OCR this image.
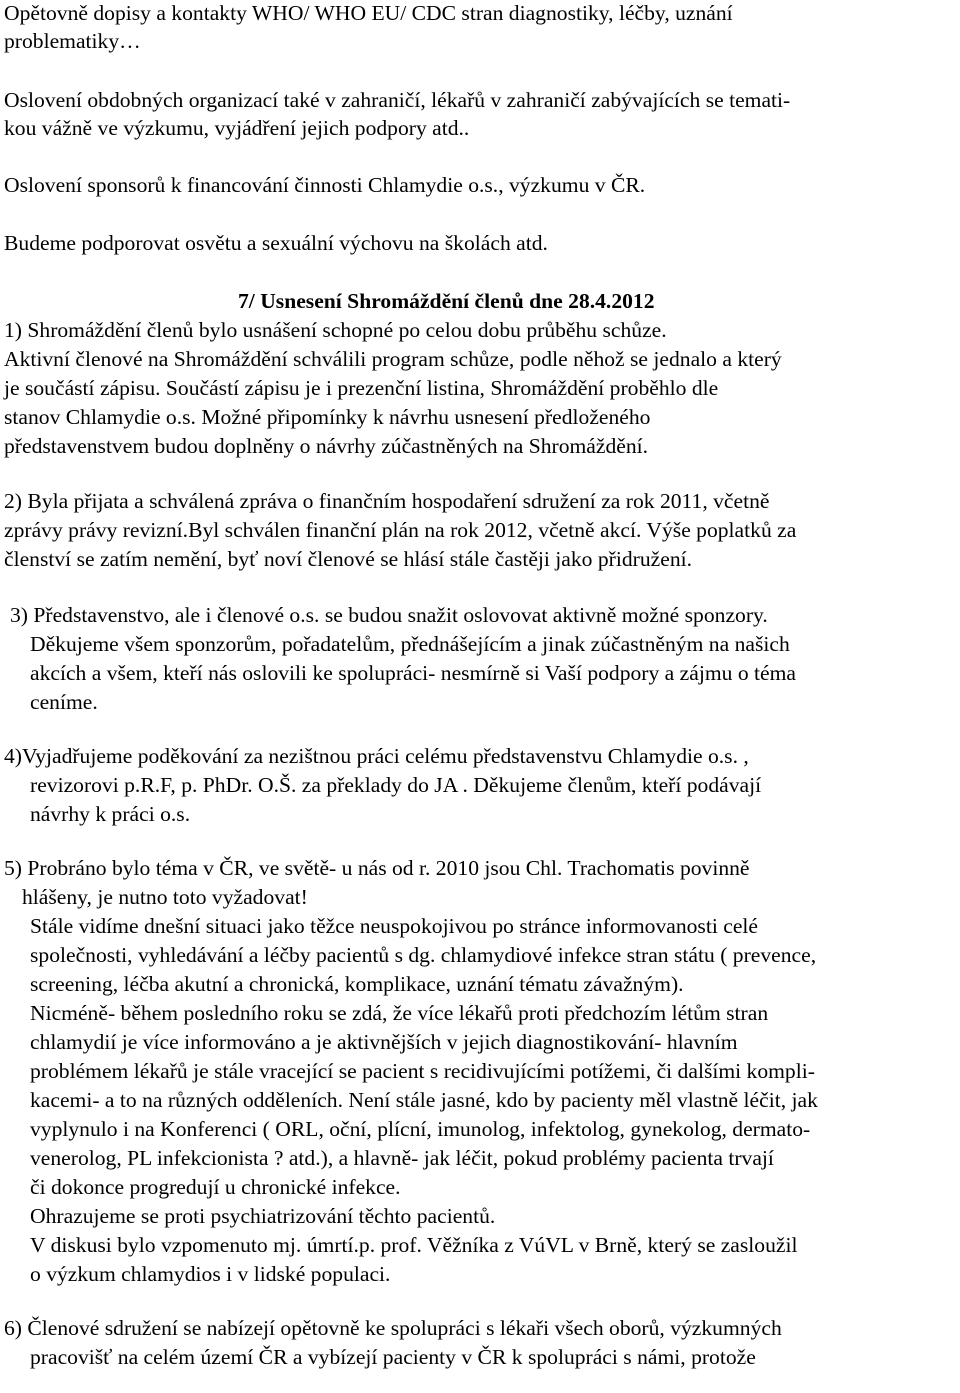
Opětovně dopisy a kontakty WHO/ WHO EU/ CDC stran diagnostiky, léčby, uznání
problematiky…
Oslovení obdobných organizací také v zahraničí, lékařů v zahraničí zabývajících se temati-
kou vážně ve výzkumu, vyjádření jejich podpory atd..
Oslovení sponsorů k financování činnosti Chlamydie o.s., výzkumu v ČR.
Budeme podporovat osvětu a sexuální výchovu na školách atd.
7/ Usnesení Shromáždění členů dne 28.4.2012
1) Shromáždění členů bylo usnášení schopné po celou dobu průběhu schůze.
Aktivní členové na Shromáždění schválili program schůze, podle něhož se jednalo a který
je součástí zápisu. Součástí zápisu je i prezenční listina, Shromáždění proběhlo dle
stanov Chlamydie o.s. Možné připomínky k návrhu usnesení předloženého
představenstvem budou doplněny o návrhy zúčastněných na Shromáždění.
2) Byla přijata a schválená zpráva o finančním hospodaření sdružení za rok 2011, včetně
zprávy právy revizní.Byl schválen finanční plán na rok 2012, včetně akcí. Výše poplatků za
členství se zatím nemění, byť noví členové se hlásí stále častěji jako přidružení.
3) Představenstvo, ale i členové o.s. se budou snažit oslovovat aktivně možné sponzory.
Děkujeme všem sponzorům, pořadatelům, přednášejícím a jinak zúčastněným na našich
akcích a všem, kteří nás oslovili ke spolupráci- nesmírně si Vaší podpory a zájmu o téma
ceníme.
4)Vyjadřujeme poděkování za nezištnou práci celému představenstvu Chlamydie o.s. ,
revizorovi p.R.F, p. PhDr. O.Š. za překlady do JA . Děkujeme členům, kteří podávají
návrhy k práci o.s.
5) Probráno bylo téma v ČR, ve světě- u nás od r. 2010 jsou Chl. Trachomatis povinně
hlášeny, je nutno toto vyžadovat!
Stále vidíme dnešní situaci jako těžce neuspokojivou po stránce informovanosti celé
společnosti, vyhledávání a léčby pacientů s dg. chlamydiové infekce stran státu ( prevence,
screening, léčba akutní a chronická, komplikace, uznání tématu závažným).
Nicméně- během posledního roku se zdá, že více lékařů proti předchozím létům stran
chlamydií je více informováno a je aktivnějších v jejich diagnostikování- hlavním
problémem lékařů je stále vracející se pacient s recidivujícími potížemi, či dalšími kompli-
kacemi- a to na různých odděleních. Není stále jasné, kdo by pacienty měl vlastně léčit, jak
vyplynulo i na Konferenci ( ORL, oční, plícní, imunolog, infektolog, gynekolog, dermato-
venerolog, PL infekcionista ? atd.), a hlavně- jak léčit, pokud problémy pacienta trvají
či dokonce progredují u chronické infekce.
Ohrazujeme se proti psychiatrizování těchto pacientů.
V diskusi bylo vzpomenuto mj. úmrtí.p. prof. Věžníka z VúVL v Brně, který se zasloužil
o výzkum chlamydios i v lidské populaci.
6) Členové sdružení se nabízejí opětovně ke spolupráci s lékaři všech oborů, výzkumných
pracovišť na celém území ČR a vybízejí pacienty v ČR k spolupráci s námi, protože
